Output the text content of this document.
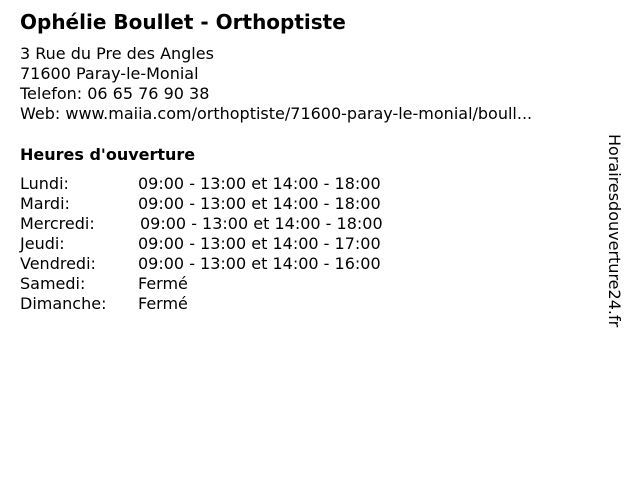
Ophélie Boullet - Orthoptiste
3 Rue du Pre des Angles
71600 Paray-le-Monial
Telefon: 06 65 76 90 38
Web: www.maiia.com/orthoptiste/71600-paray-le-monial/boull...
Heures d'ouverture
Lundi:	09:00 - 13:00 et 14:00 - 18:00
Mardi:	09:00 - 13:00 et 14:00 - 18:00
Mercredi:	09:00 - 13:00 et 14:00 - 18:00
Jeudi:	09:00 - 13:00 et 14:00 - 17:00
Vendredi:	09:00 - 13:00 et 14:00 - 16:00
Samedi:	Fermé
Dimanche:	Fermé	Horairesdouverture24.fr
